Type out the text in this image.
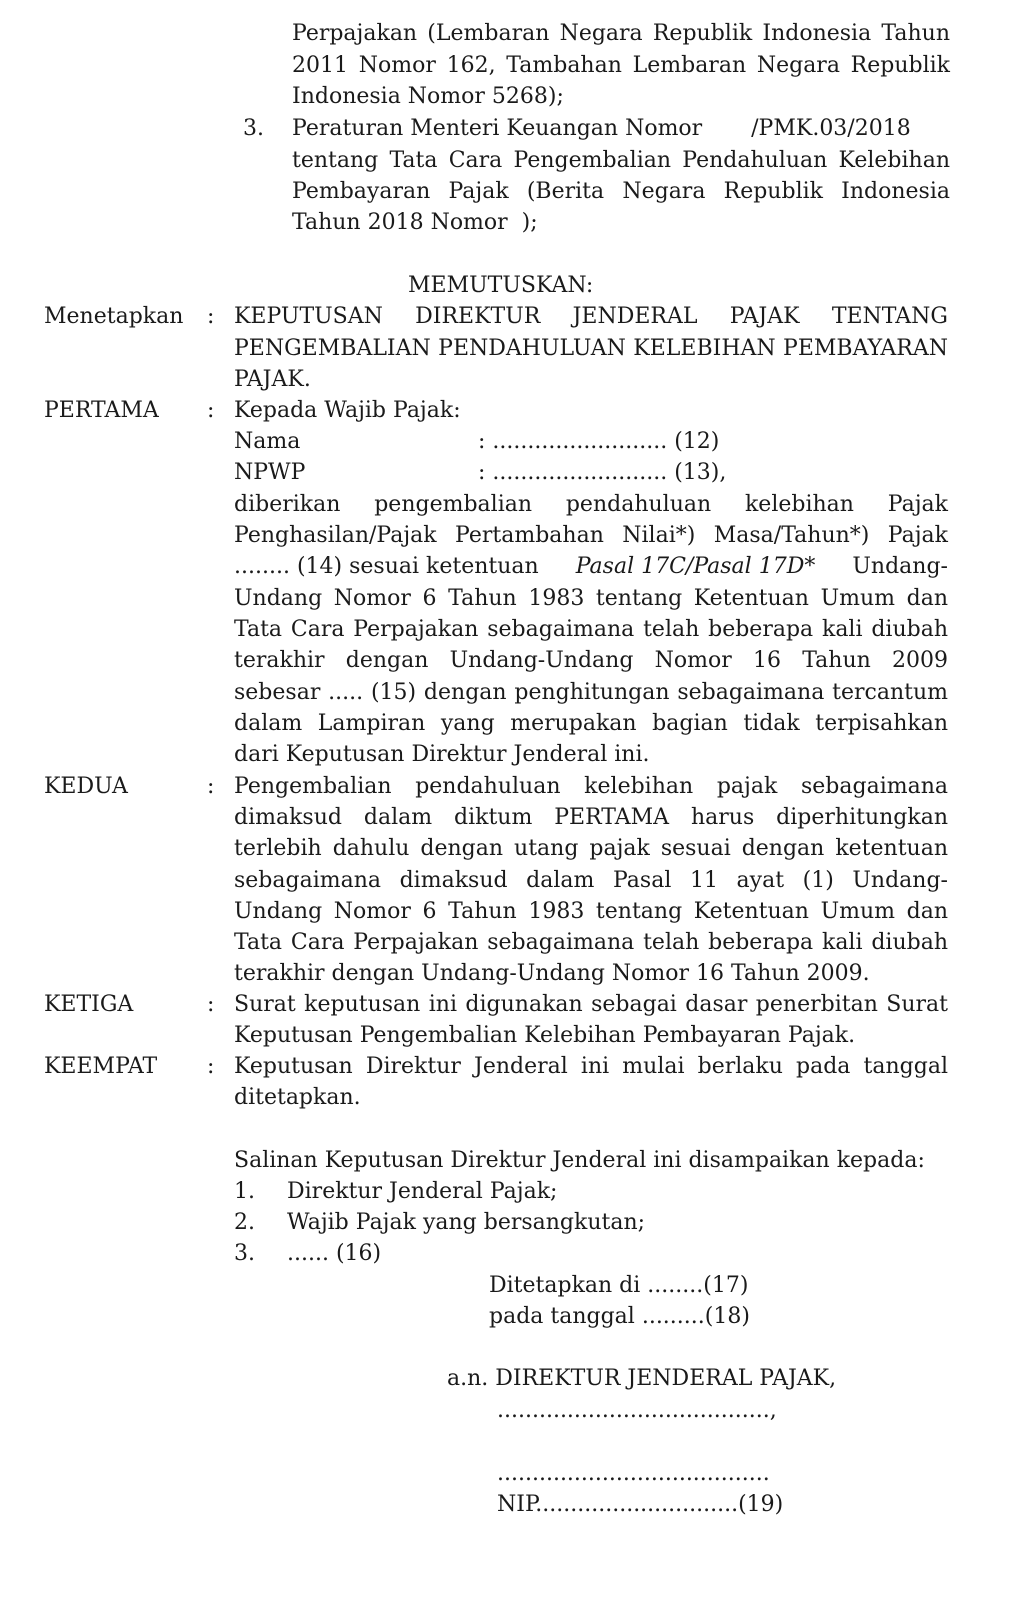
Perpajakan (Lembaran Negara Republik Indonesia Tahun
2011 Nomor 162, Tambahan Lembaran Negara Republik
Indonesia Nomor 5268);
3. Peraturan Menteri Keuangan Nomor       /PMK.03/2018
tentang Tata Cara Pengembalian Pendahuluan Kelebihan
Pembayaran Pajak (Berita Negara Republik Indonesia
Tahun 2018 Nomor  );
MEMUTUSKAN:
Menetapkan : KEPUTUSAN DIREKTUR JENDERAL PAJAK TENTANG
PENGEMBALIAN PENDAHULUAN KELEBIHAN PEMBAYARAN
PAJAK.
PERTAMA : Kepada Wajib Pajak:
Nama	: ......................... (12)
NPWP	: ......................... (13),
diberikan pengembalian pendahuluan kelebihan Pajak
Penghasilan/Pajak Pertambahan Nilai*) Masa/Tahun*) Pajak
........ (14) sesuai ketentuan Pasal 17C/Pasal 17D* Undang-
Undang Nomor 6 Tahun 1983 tentang Ketentuan Umum dan
Tata Cara Perpajakan sebagaimana telah beberapa kali diubah
terakhir dengan Undang-Undang Nomor 16 Tahun 2009
sebesar ..... (15) dengan penghitungan sebagaimana tercantum
dalam Lampiran yang merupakan bagian tidak terpisahkan
dari Keputusan Direktur Jenderal ini.
KEDUA	: Pengembalian pendahuluan kelebihan pajak sebagaimana
dimaksud dalam diktum PERTAMA harus diperhitungkan
terlebih dahulu dengan utang pajak sesuai dengan ketentuan
sebagaimana dimaksud dalam Pasal 11 ayat (1) Undang-
Undang Nomor 6 Tahun 1983 tentang Ketentuan Umum dan
Tata Cara Perpajakan sebagaimana telah beberapa kali diubah
terakhir dengan Undang-Undang Nomor 16 Tahun 2009.
KETIGA	: Surat keputusan ini digunakan sebagai dasar penerbitan Surat
Keputusan Pengembalian Kelebihan Pembayaran Pajak.
KEEMPAT : Keputusan Direktur Jenderal ini mulai berlaku pada tanggal
ditetapkan.
Salinan Keputusan Direktur Jenderal ini disampaikan kepada:
1. Direktur Jenderal Pajak;
2. Wajib Pajak yang bersangkutan;
3. ...... (16)
Ditetapkan di ........(17)
pada tanggal .........(18)
a.n. DIREKTUR JENDERAL PAJAK,
.......................................,
.......................................
NIP.............................(19)
